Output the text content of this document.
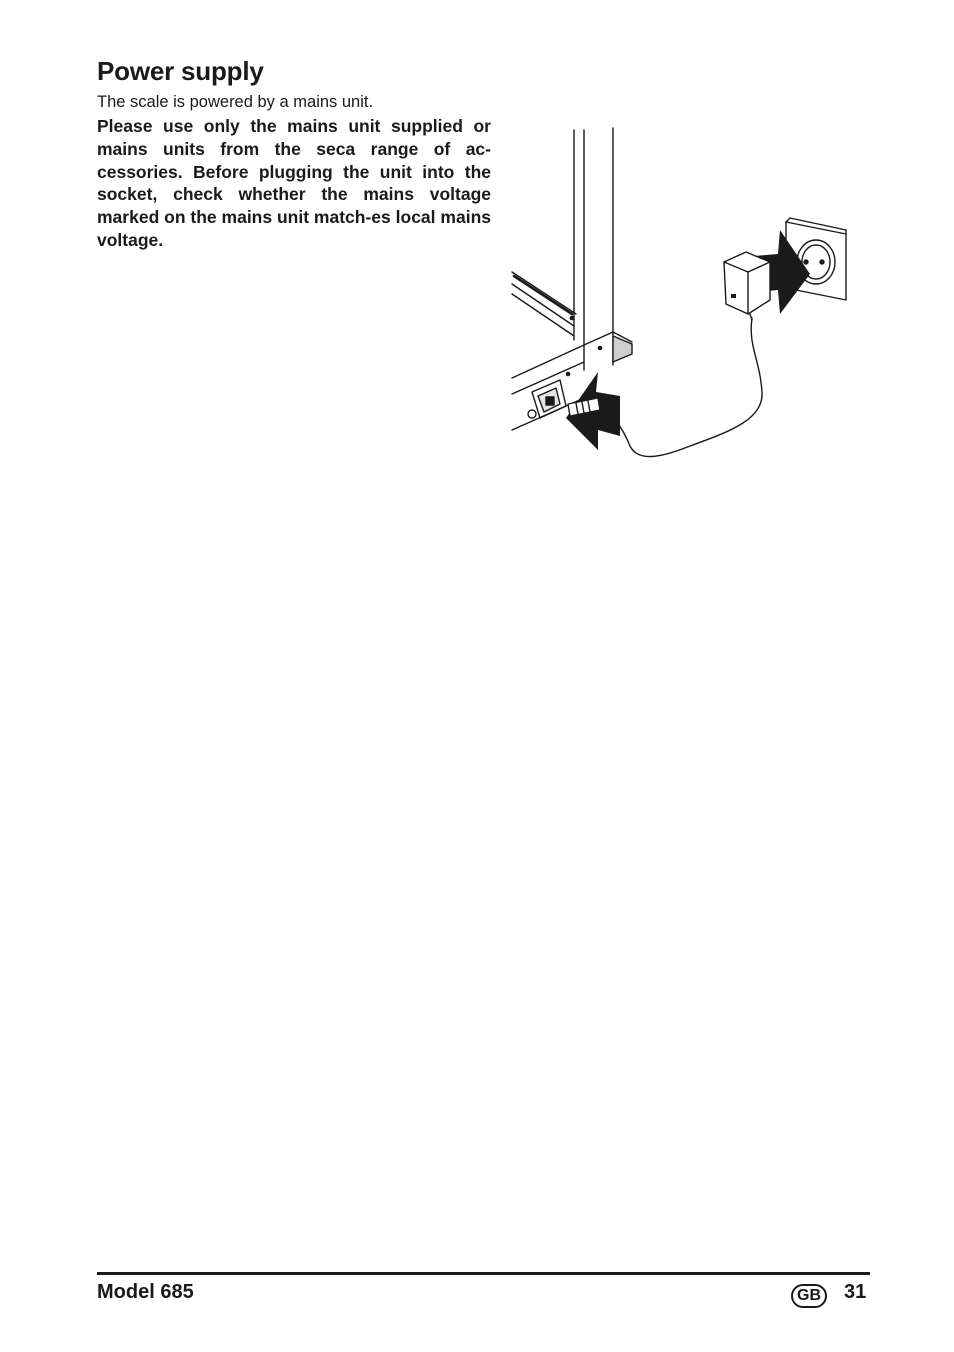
Power supply

The scale is powered by a mains unit.

Please use only the mains unit supplied or mains units from the seca range of ac-cessories. Before plugging the unit into the socket, check whether the mains voltage marked on the mains unit match-es local mains voltage.

Model 685	GB	31
